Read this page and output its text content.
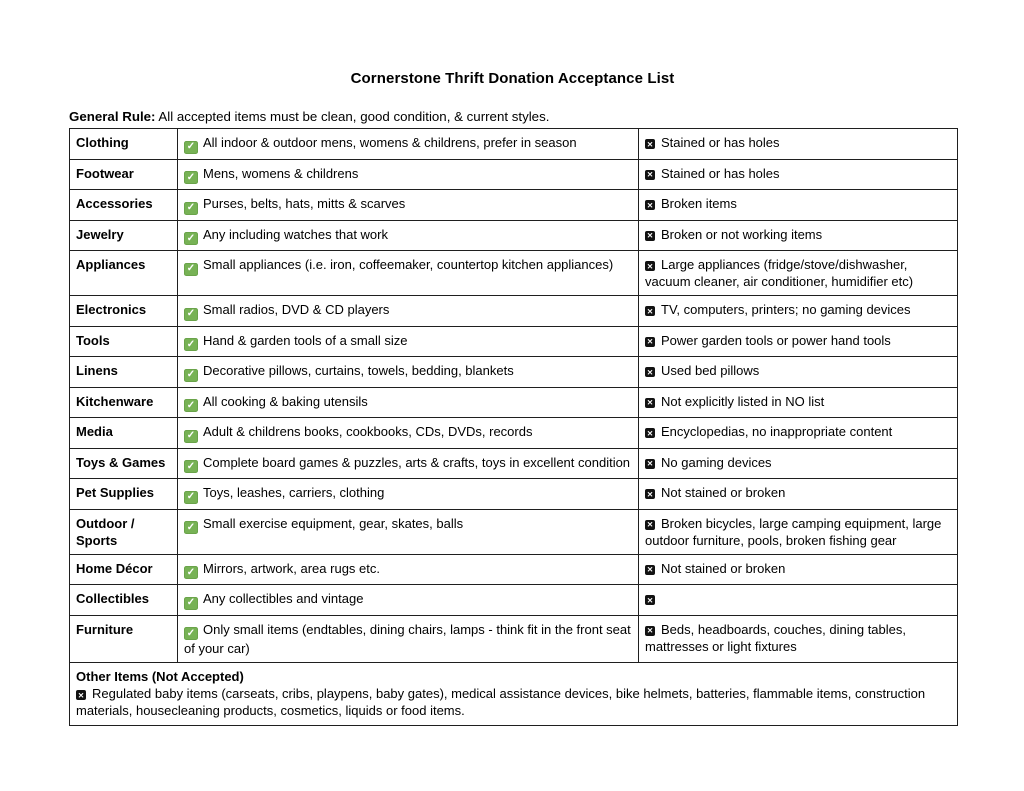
Cornerstone Thrift Donation Acceptance List

General Rule: All accepted items must be clean, good condition, & current styles.

Clothing	✓ All indoor & outdoor mens, womens & childrens, prefer in season	✕ Stained or has holes
Footwear	✓ Mens, womens & childrens	✕ Stained or has holes
Accessories	✓ Purses, belts, hats, mitts & scarves	✕ Broken items
Jewelry	✓ Any including watches that work	✕ Broken or not working items
Appliances	✓ Small appliances (i.e. iron, coffeemaker, countertop kitchen appliances)	✕ Large appliances (fridge/stove/dishwasher, vacuum cleaner, air conditioner, humidifier etc)
Electronics	✓ Small radios, DVD & CD players	✕ TV, computers, printers; no gaming devices
Tools	✓ Hand & garden tools of a small size	✕ Power garden tools or power hand tools
Linens	✓ Decorative pillows, curtains, towels, bedding, blankets	✕ Used bed pillows
Kitchenware	✓ All cooking & baking utensils	✕ Not explicitly listed in NO list
Media	✓ Adult & childrens books, cookbooks, CDs, DVDs, records	✕ Encyclopedias, no inappropriate content
Toys & Games	✓ Complete board games & puzzles, arts & crafts, toys in excellent condition	✕ No gaming devices
Pet Supplies	✓ Toys, leashes, carriers, clothing	✕ Not stained or broken
Outdoor / Sports	✓ Small exercise equipment, gear, skates, balls	✕ Broken bicycles, large camping equipment, large outdoor furniture, pools, broken fishing gear
Home Décor	✓ Mirrors, artwork, area rugs etc.	✕ Not stained or broken
Collectibles	✓ Any collectibles and vintage	✕
Furniture	✓ Only small items (endtables, dining chairs, lamps - think fit in the front seat of your car)	✕ Beds, headboards, couches, dining tables, mattresses or light fixtures

Other Items (Not Accepted)
✕ Regulated baby items (carseats, cribs, playpens, baby gates), medical assistance devices, bike helmets, batteries, flammable items, construction materials, housecleaning products, cosmetics, liquids or food items.		
